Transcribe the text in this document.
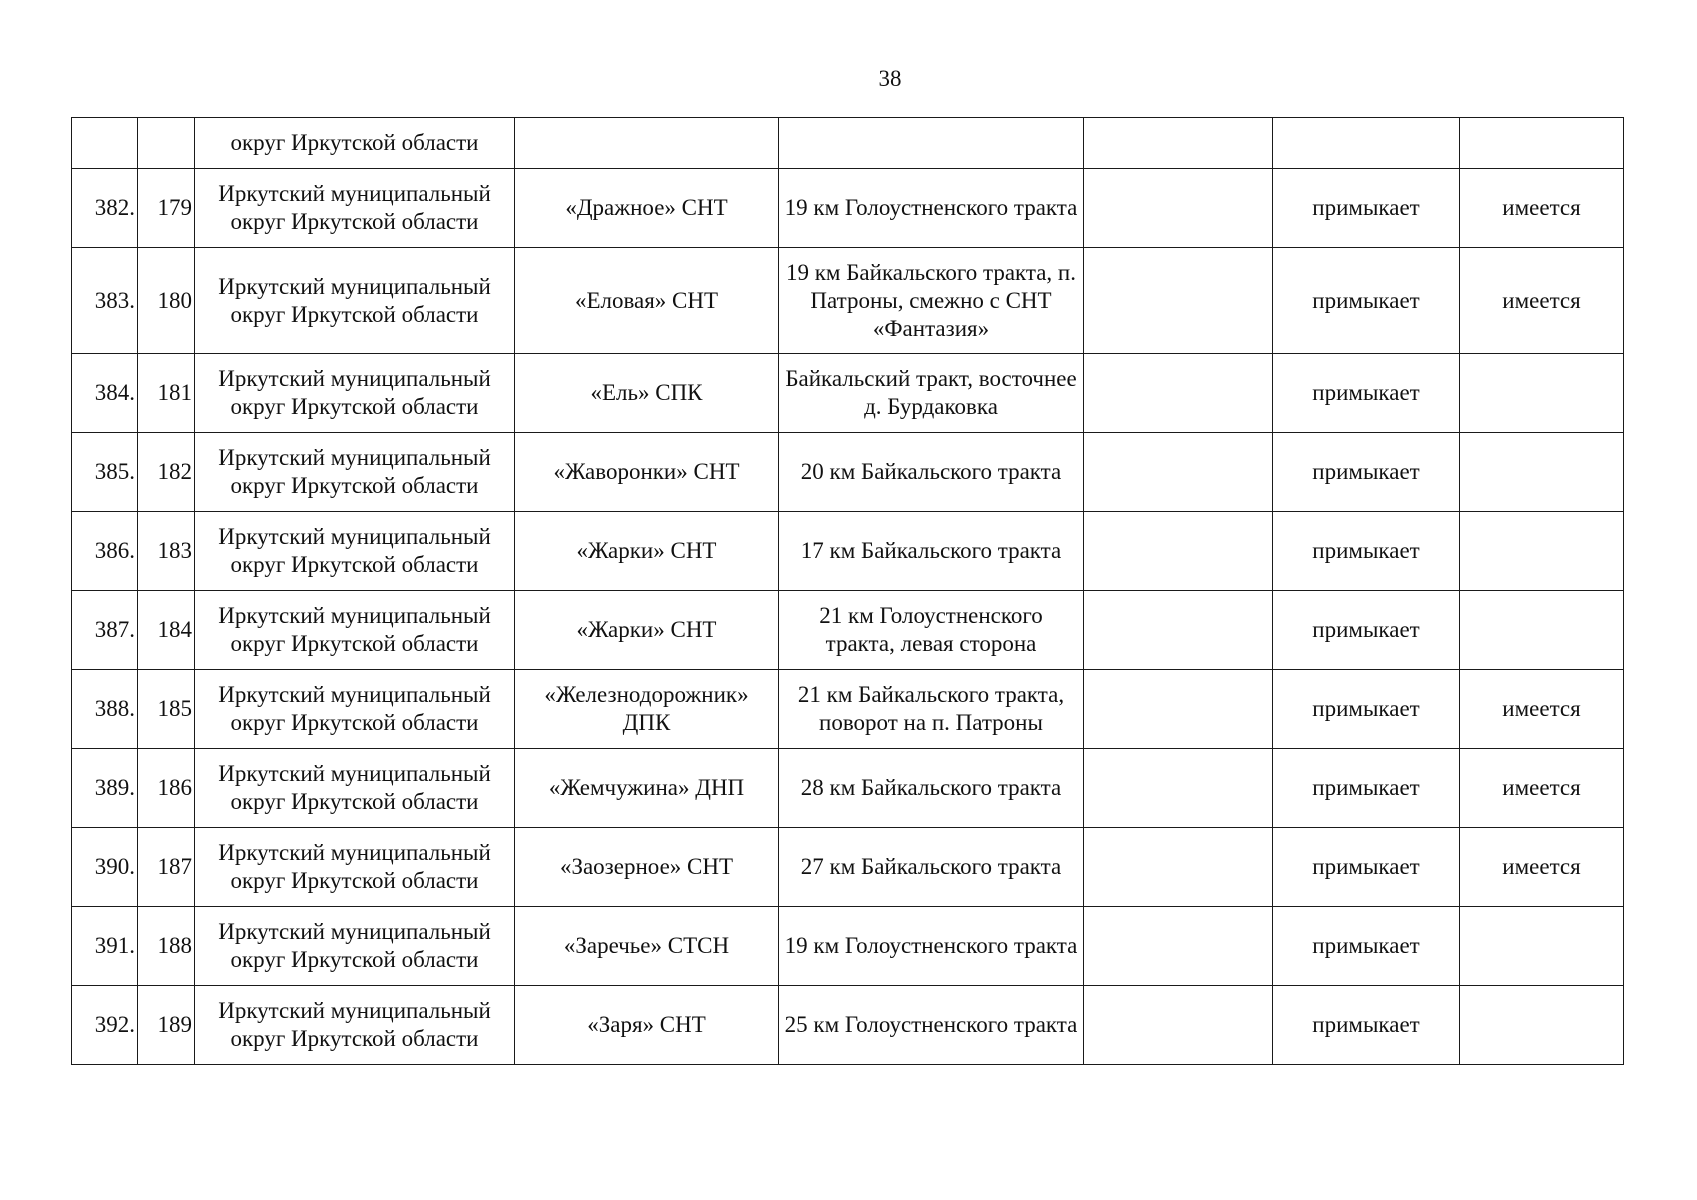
38
		округ Иркутской области					
382.	179	Иркутский муниципальный округ Иркутской области	«Дражное» СНТ	19 км Голоустненского тракта		примыкает	имеется
383.	180	Иркутский муниципальный округ Иркутской области	«Еловая» СНТ	19 км Байкальского тракта, п. Патроны, смежно с СНТ «Фантазия»		примыкает	имеется
384.	181	Иркутский муниципальный округ Иркутской области	«Ель» СПК	Байкальский тракт, восточнее д. Бурдаковка		примыкает	
385.	182	Иркутский муниципальный округ Иркутской области	«Жаворонки» СНТ	20 км Байкальского тракта		примыкает	
386.	183	Иркутский муниципальный округ Иркутской области	«Жарки» СНТ	17 км Байкальского тракта		примыкает	
387.	184	Иркутский муниципальный округ Иркутской области	«Жарки» СНТ	21 км Голоустненского тракта, левая сторона		примыкает	
388.	185	Иркутский муниципальный округ Иркутской области	«Железнодорожник» ДПК	21 км Байкальского тракта, поворот на п. Патроны		примыкает	имеется
389.	186	Иркутский муниципальный округ Иркутской области	«Жемчужина» ДНП	28 км Байкальского тракта		примыкает	имеется
390.	187	Иркутский муниципальный округ Иркутской области	«Заозерное» СНТ	27 км Байкальского тракта		примыкает	имеется
391.	188	Иркутский муниципальный округ Иркутской области	«Заречье» СТСН	19 км Голоустненского тракта		примыкает	
392.	189	Иркутский муниципальный округ Иркутской области	«Заря» СНТ	25 км Голоустненского тракта		примыкает	
